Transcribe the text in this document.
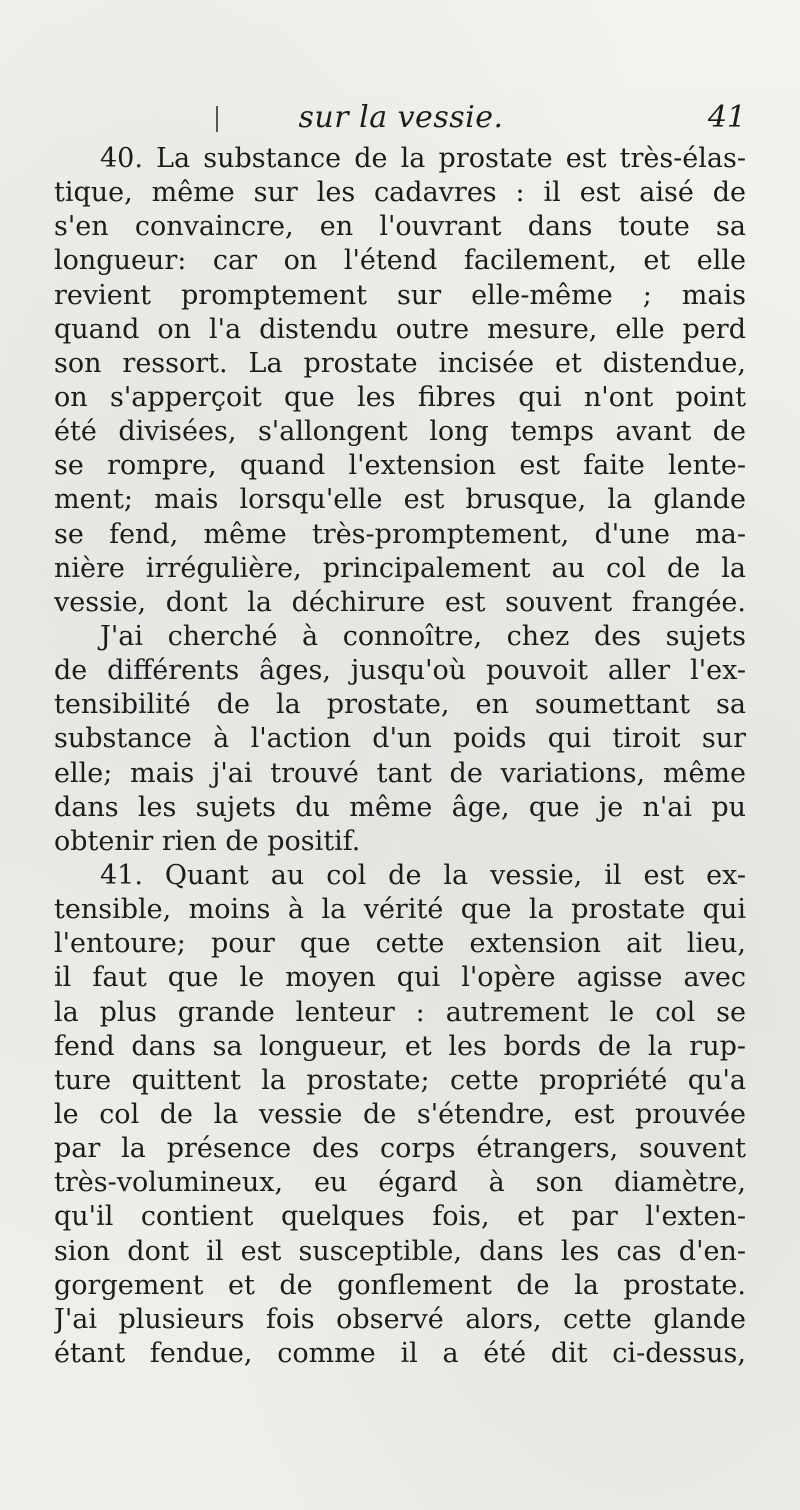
sur la vessie.	41
40. La substance de la prostate est très-élas-
tique, même sur les cadavres : il est aisé de
s'en convaincre, en l'ouvrant dans toute sa
longueur: car on l'étend facilement, et elle
revient promptement sur elle-même ; mais
quand on l'a distendu outre mesure, elle perd
son ressort. La prostate incisée et distendue,
on s'apperçoit que les fibres qui n'ont point
été divisées, s'allongent long temps avant de
se rompre, quand l'extension est faite lente-
ment; mais lorsqu'elle est brusque, la glande
se fend, même très-promptement, d'une ma-
nière irrégulière, principalement au col de la
vessie, dont la déchirure est souvent frangée.
J'ai cherché à connoître, chez des sujets
de différents âges, jusqu'où pouvoit aller l'ex-
tensibilité de la prostate, en soumettant sa
substance à l'action d'un poids qui tiroit sur
elle; mais j'ai trouvé tant de variations, même
dans les sujets du même âge, que je n'ai pu
obtenir rien de positif.
41. Quant au col de la vessie, il est ex-
tensible, moins à la vérité que la prostate qui
l'entoure; pour que cette extension ait lieu,
il faut que le moyen qui l'opère agisse avec
la plus grande lenteur : autrement le col se
fend dans sa longueur, et les bords de la rup-
ture quittent la prostate; cette propriété qu'a
le col de la vessie de s'étendre, est prouvée
par la présence des corps étrangers, souvent
très-volumineux, eu égard à son diamètre,
qu'il contient quelques fois, et par l'exten-
sion dont il est susceptible, dans les cas d'en-
gorgement et de gonflement de la prostate.
J'ai plusieurs fois observé alors, cette glande
étant fendue, comme il a été dit ci-dessus,
